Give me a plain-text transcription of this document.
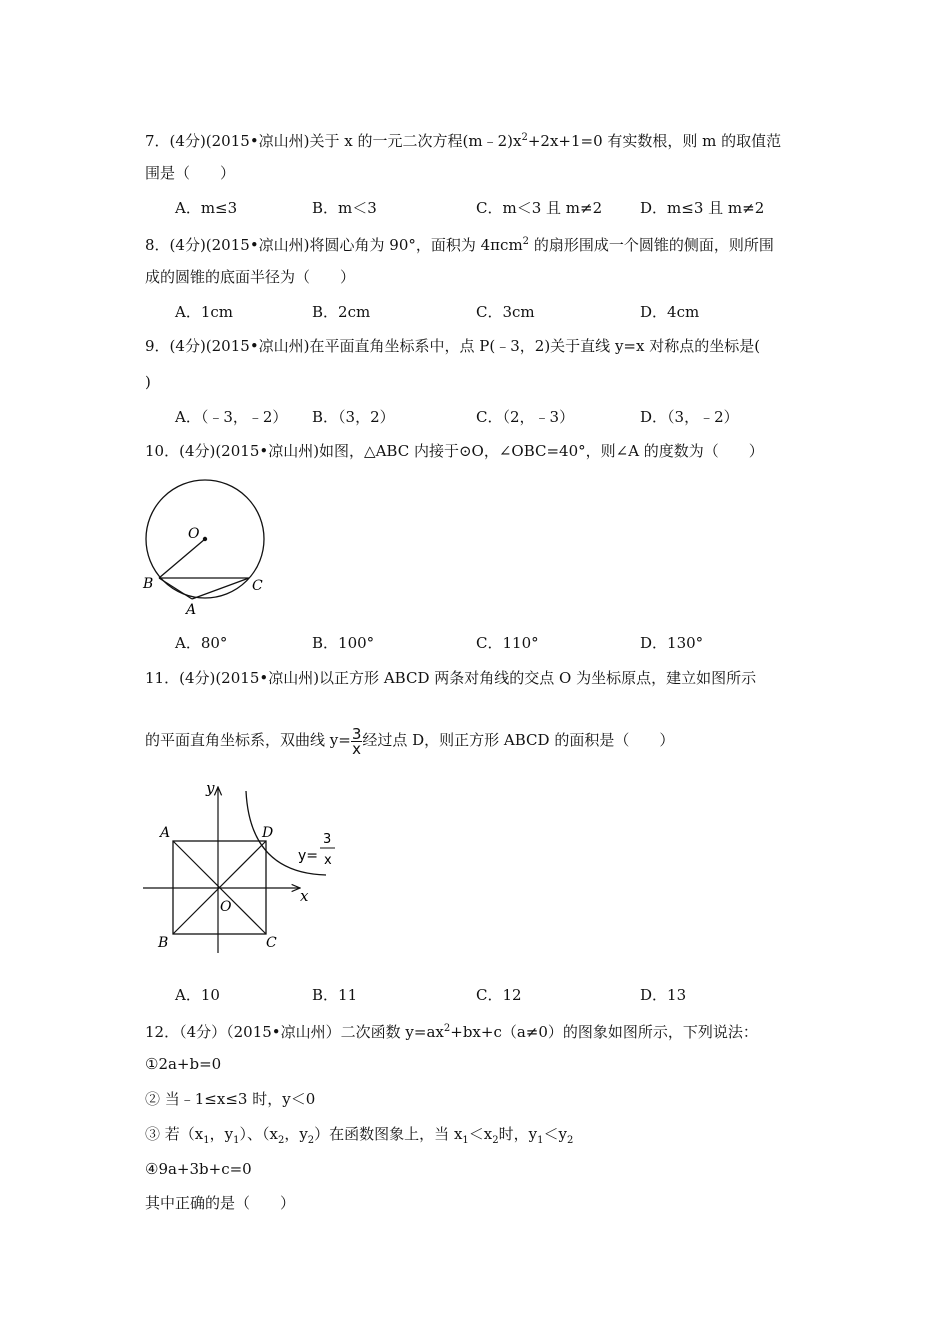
7．(4分)(2015•凉山州)关于 x 的一元二次方程$(m﹣2)x^2+2x+1=0$ 有实数根，则 m 的取值范
围是（　　）
A．m≤3	B．m＜3	C．m＜3 且 m≠2	D．m≤3 且 m≠2
8．(4分)(2015•凉山州)将圆心角为 90°，面积为 4πcm$^2$ 的扇形围成一个圆锥的侧面，则所围
成的圆锥的底面半径为（　　）
A．1cm	B．2cm	C．3cm	D．4cm
9．(4分)(2015•凉山州)在平面直角坐标系中，点 P(﹣3，2)关于直线 y=x 对称点的坐标是(
)
A．（﹣3，﹣2） B．（3，2）	C．（2，﹣3）	D．（3，﹣2）
10．(4分)(2015•凉山州)如图，△ABC 内接于⊙O，∠OBC=40°，则∠A 的度数为（　　）
O
B	C
A
A．80°	B．100°	C．110°	D．130°
11．(4分)(2015•凉山州)以正方形 ABCD 两条对角线的交点 O 为坐标原点，建立如图所示
的平面直角坐标系，双曲线 $y= \frac{3}{x}$ 经过点 D，则正方形 ABCD 的面积是（　　）
y
x
A
B	C
D
O
y=
3
x
A．10	B．11	C．12	D．13
12．（4分）（2015•凉山州）二次函数 $y=ax^2+bx+c(a\ne 0)$的图象如图所示，下列说法：
①2a+b=0
② 当﹣1≤x≤3 时，y＜0
③ 若（$x_1$，$y_1$）、（$x_2$，$y_2$）在函数图象上，当 $x_1<x_2$时，$y_1<y_2$
④9a+3b+c=0
其中正确的是（　　）
